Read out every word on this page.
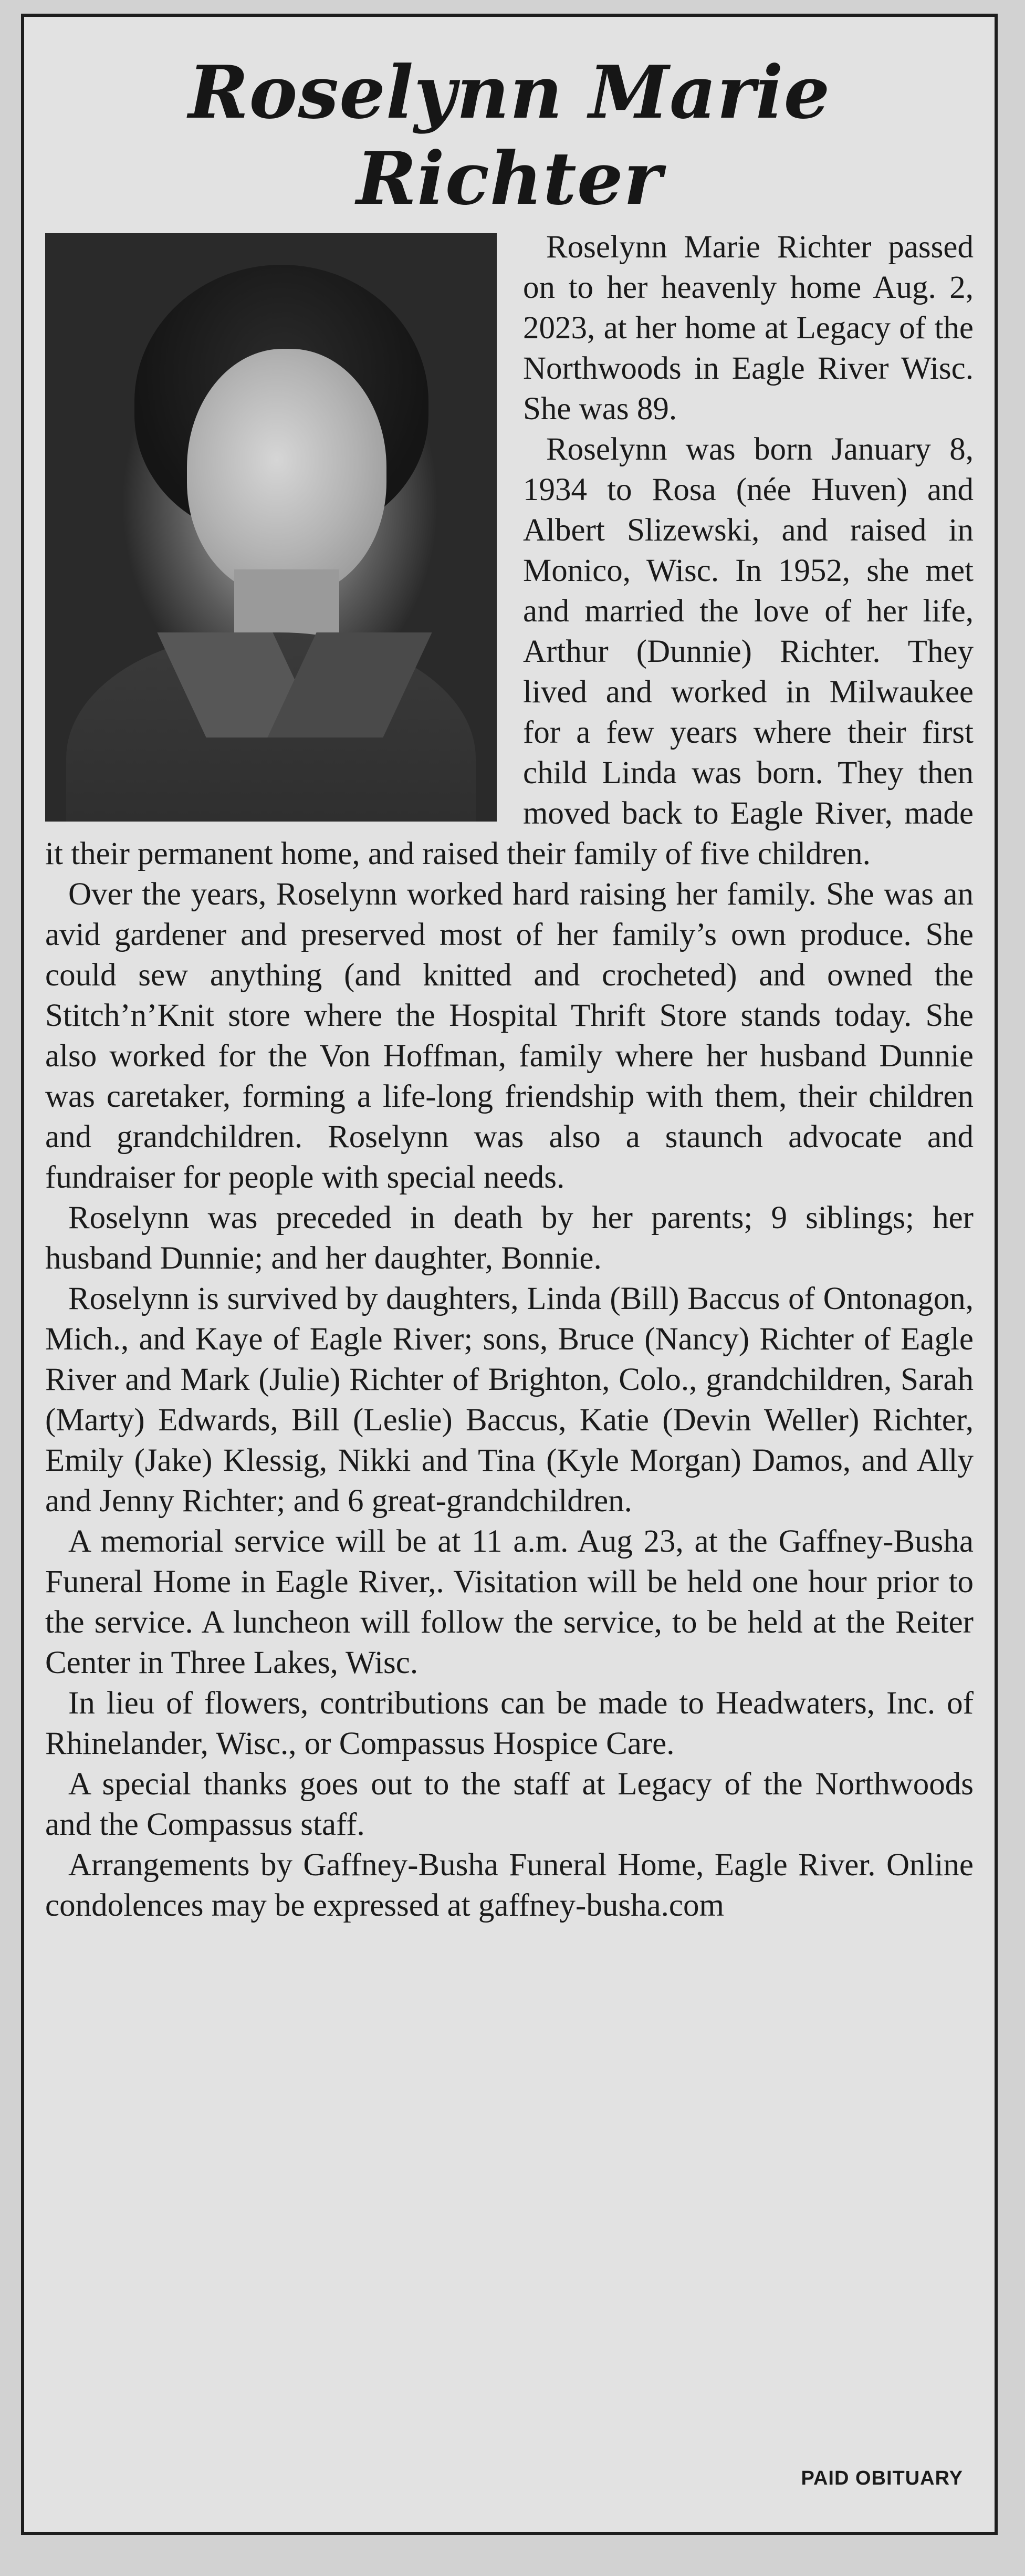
Roselynn Marie Richter

Roselynn Marie Richter passed on to her heavenly home Aug. 2, 2023, at her home at Legacy of the Northwoods in Eagle River Wisc. She was 89.

Roselynn was born January 8, 1934 to Rosa (née Huven) and Albert Slizewski, and raised in Monico, Wisc. In 1952, she met and married the love of her life, Arthur (Dunnie) Richter. They lived and worked in Milwaukee for a few years where their first child Linda was born. They then moved back to Eagle River, made it their permanent home, and raised their family of five children.

Over the years, Roselynn worked hard raising her family. She was an avid gardener and preserved most of her family’s own produce. She could sew anything (and knitted and crocheted) and owned the Stitch’n’Knit store where the Hospital Thrift Store stands today. She also worked for the Von Hoffman, family where her husband Dunnie was caretaker, forming a life-long friendship with them, their children and grandchildren. Roselynn was also a staunch advocate and fundraiser for people with special needs.

Roselynn was preceded in death by her parents; 9 siblings; her husband Dunnie; and her daughter, Bonnie.

Roselynn is survived by daughters, Linda (Bill) Baccus of Ontonagon, Mich., and Kaye of Eagle River; sons, Bruce (Nancy) Richter of Eagle River and Mark (Julie) Richter of Brighton, Colo., grandchildren, Sarah (Marty) Edwards, Bill (Leslie) Baccus, Katie (Devin Weller) Richter, Emily (Jake) Klessig, Nikki and Tina (Kyle Morgan) Damos, and Ally and Jenny Richter; and 6 great-grandchildren.

A memorial service will be at 11 a.m. Aug 23, at the Gaffney-Busha Funeral Home in Eagle River,. Visitation will be held one hour prior to the service. A luncheon will follow the service, to be held at the Reiter Center in Three Lakes, Wisc.

In lieu of flowers, contributions can be made to Headwaters, Inc. of Rhinelander, Wisc., or Compassus Hospice Care.

A special thanks goes out to the staff at Legacy of the Northwoods and the Compassus staff.

Arrangements by Gaffney-Busha Funeral Home, Eagle River. Online condolences may be expressed at gaffney-busha.com

PAID OBITUARY
